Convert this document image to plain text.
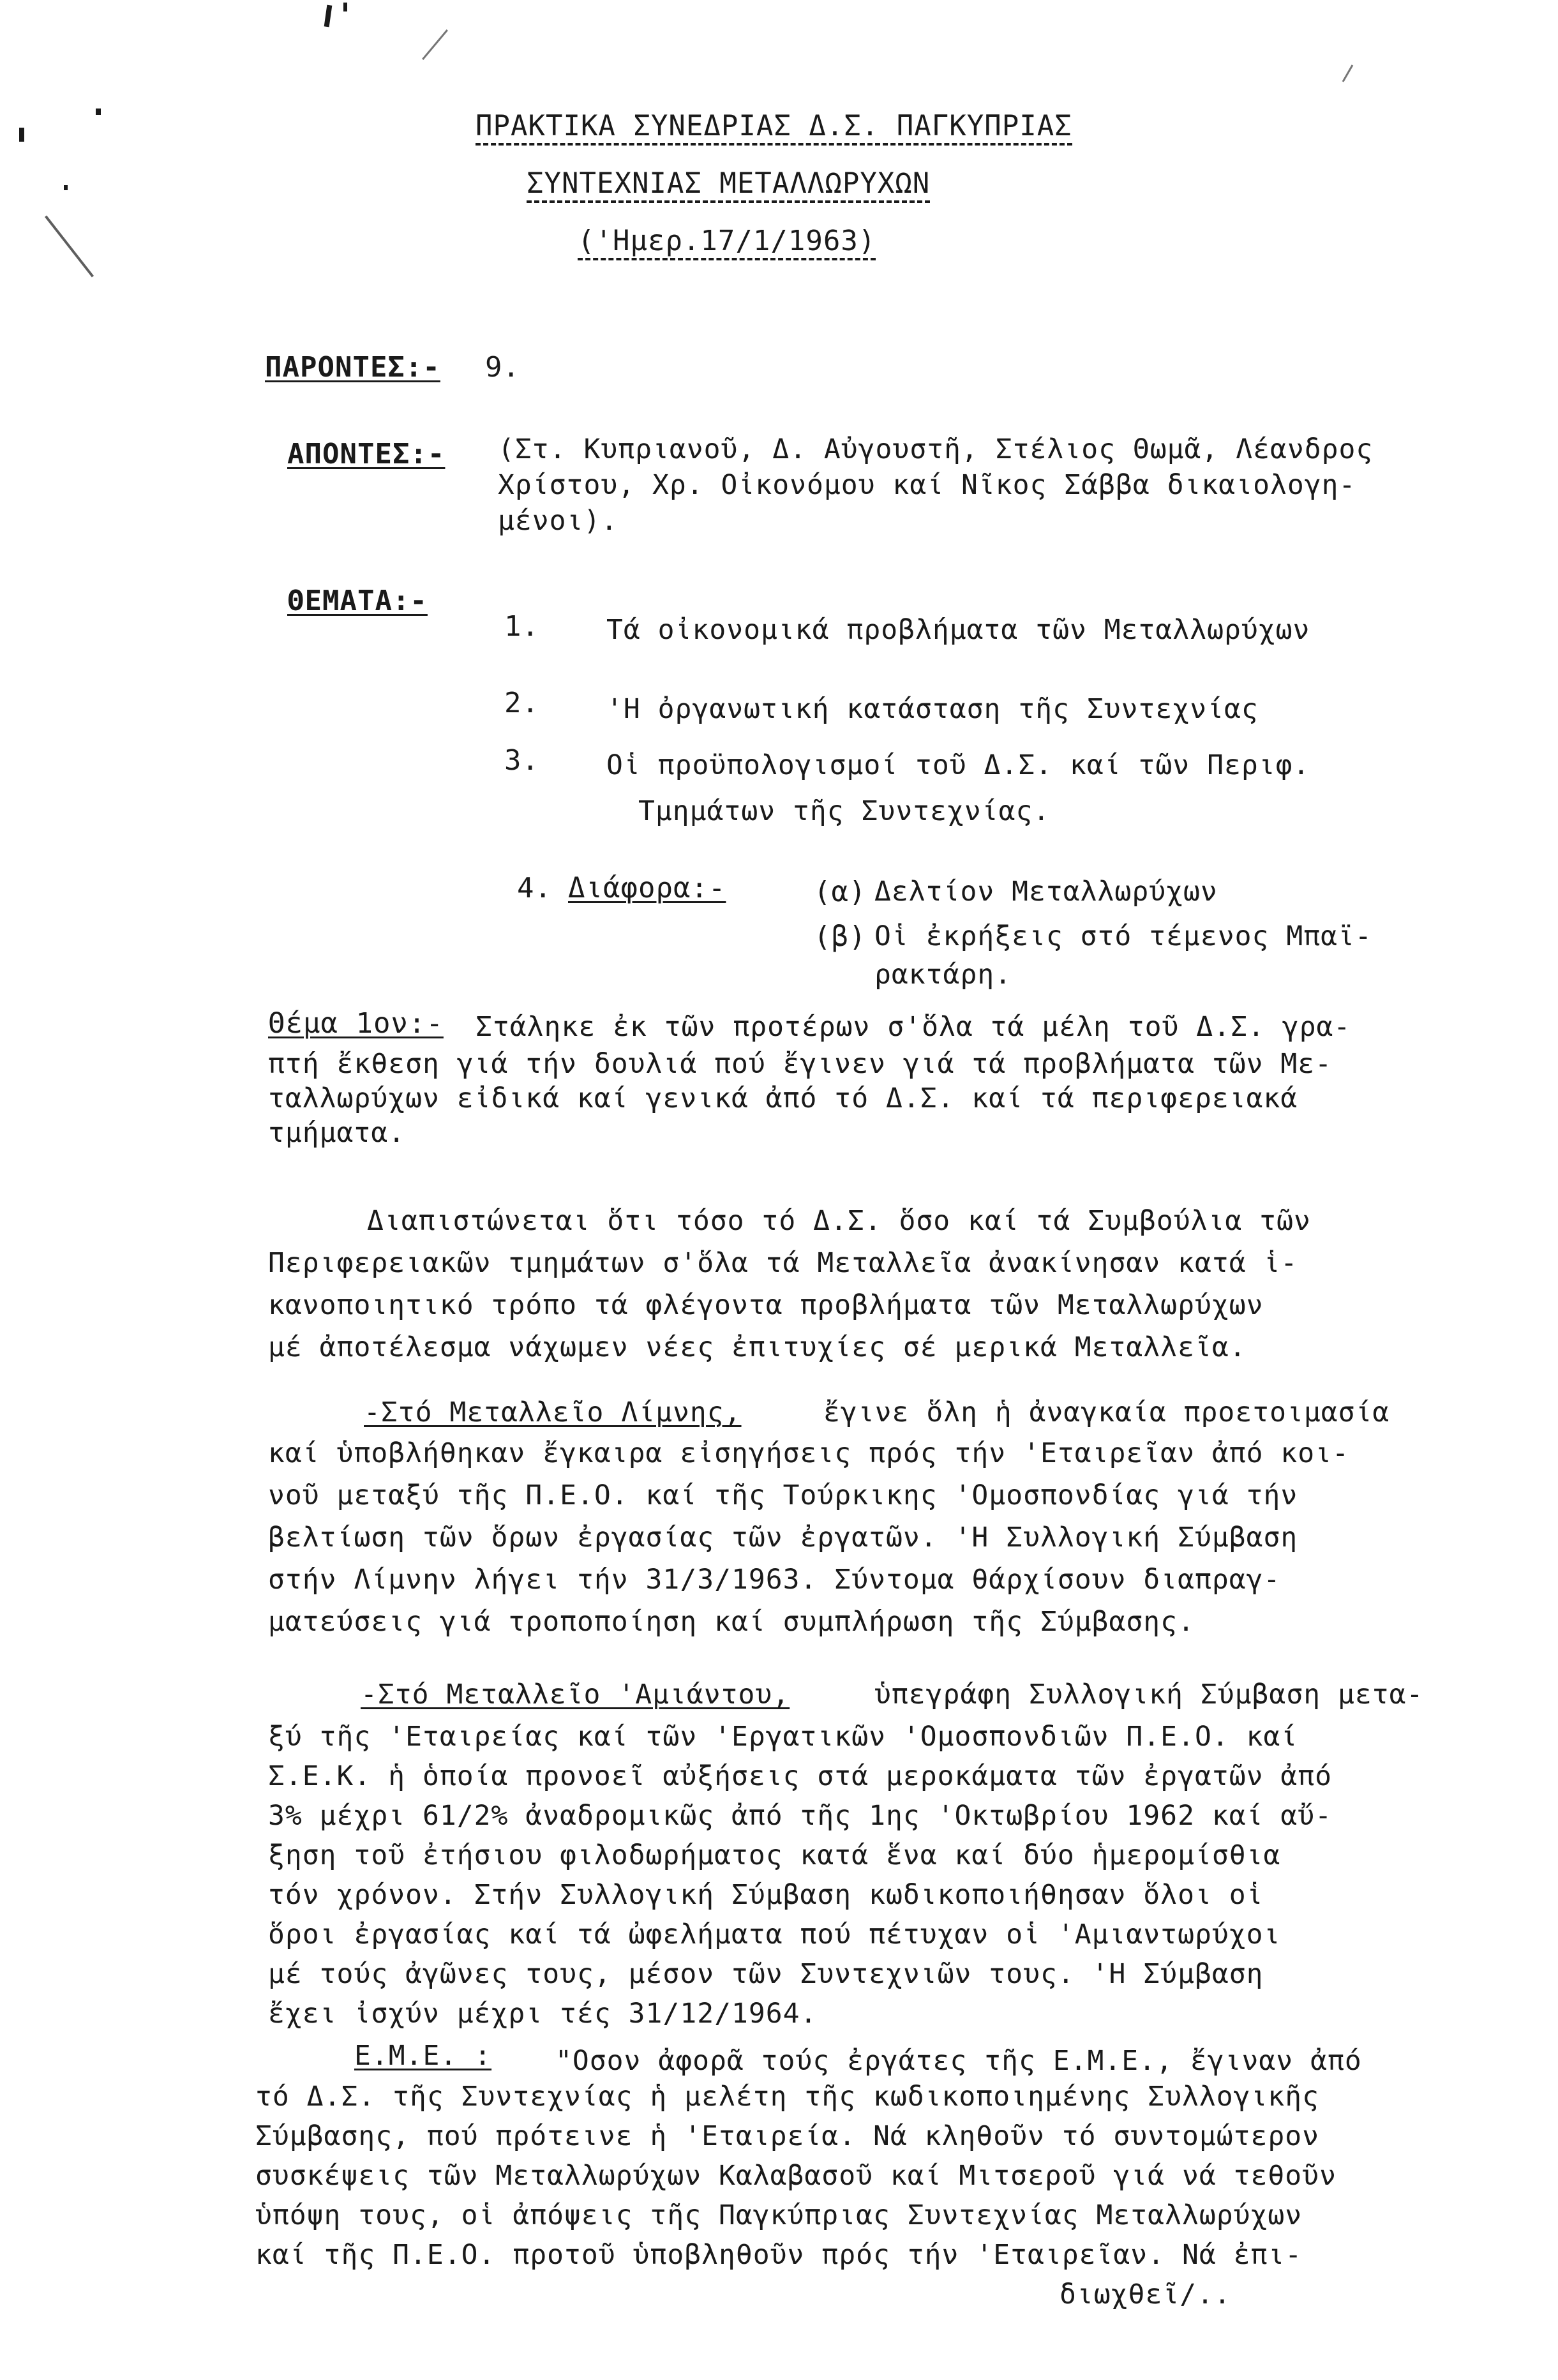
ΠΡΑΚΤΙΚΑ ΣΥΝΕΔΡΙΑΣ Δ.Σ. ΠΑΓΚΥΠΡΙΑΣ
ΣΥΝΤΕΧΝΙΑΣ ΜΕΤΑΛΛΩΡΥΧΩΝ
('Ημερ.17/1/1963)
ΠΑΡΟΝΤΕΣ:- 9.
ΑΠΟΝΤΕΣ:- (Στ. Κυπριανοῦ, Δ. Αὐγουστῆ, Στέλιος Θωμᾶ, Λέανδρος
Χρίστου, Χρ. Οἰκονόμου καί Νῖκος Σάββα δικαιολογη-
μένοι).
ΘΕΜΑΤΑ:-
1. Τά οἰκονομικά προβλήματα τῶν Μεταλλωρύχων
2. 'Η ὀργανωτική κατάσταση τῆς Συντεχνίας
3. Οἱ προϋπολογισμοί τοῦ Δ.Σ. καί τῶν Περιφ.
Τμημάτων τῆς Συντεχνίας.
4. Διάφορα:-	(α) Δελτίον Μεταλλωρύχων
(β) Οἱ ἐκρήξεις στό τέμενος Μπαϊ-
ρακτάρη.
Θέμα 1ον:- Στάληκε ἐκ τῶν προτέρων σ'ὅλα τά μέλη τοῦ Δ.Σ. γρα-
πτή ἔκθεση γιά τήν δουλιά πού ἔγινεν γιά τά προβλήματα τῶν Με-
ταλλωρύχων εἰδικά καί γενικά ἀπό τό Δ.Σ. καί τά περιφερειακά
τμήματα.
Διαπιστώνεται ὅτι τόσο τό Δ.Σ. ὅσο καί τά Συμβούλια τῶν
Περιφερειακῶν τμημάτων σ'ὅλα τά Μεταλλεῖα ἀνακίνησαν κατά ἱ-
κανοποιητικό τρόπο τά φλέγοντα προβλήματα τῶν Μεταλλωρύχων
μέ ἀποτέλεσμα νάχωμεν νέες ἐπιτυχίες σέ μερικά Μεταλλεῖα.
-Στό Μεταλλεῖο Λίμνης,	ἔγινε ὅλη ἡ ἀναγκαία προετοιμασία
καί ὑποβλήθηκαν ἔγκαιρα εἰσηγήσεις πρός τήν 'Εταιρεῖαν ἀπό κοι-
νοῦ μεταξύ τῆς Π.Ε.Ο. καί τῆς Τούρκικης 'Ομοσπονδίας γιά τήν
βελτίωση τῶν ὅρων ἐργασίας τῶν ἐργατῶν. 'Η Συλλογική Σύμβαση
στήν Λίμνην λήγει τήν 31/3/1963. Σύντομα θάρχίσουν διαπραγ-
ματεύσεις γιά τροποποίηση καί συμπλήρωση τῆς Σύμβασης.
-Στό Μεταλλεῖο 'Αμιάντου,	ὑπεγράφη Συλλογική Σύμβαση μετα-
ξύ τῆς 'Εταιρείας καί τῶν 'Εργατικῶν 'Ομοσπονδιῶν Π.Ε.Ο. καί
Σ.Ε.Κ. ἡ ὁποία προνοεῖ αὐξήσεις στά μεροκάματα τῶν ἐργατῶν ἀπό
3% μέχρι 61/2% ἀναδρομικῶς ἀπό τῆς 1ης 'Οκτωβρίου 1962 καί αὔ-
ξηση τοῦ ἐτήσιου φιλοδωρήματος κατά ἕνα καί δύο ἡμερομίσθια
τόν χρόνον. Στήν Συλλογική Σύμβαση κωδικοποιήθησαν ὅλοι οἱ
ὅροι ἐργασίας καί τά ὠφελήματα πού πέτυχαν οἱ 'Αμιαντωρύχοι
μέ τούς ἀγῶνες τους, μέσον τῶν Συντεχνιῶν τους. 'Η Σύμβαση
ἔχει ἰσχύν μέχρι τές 31/12/1964.
Ε.Μ.Ε. : "Οσον ἀφορᾶ τούς ἐργάτες τῆς Ε.Μ.Ε., ἔγιναν ἀπό
τό Δ.Σ. τῆς Συντεχνίας ἡ μελέτη τῆς κωδικοποιημένης Συλλογικῆς
Σύμβασης, πού πρότεινε ἡ 'Εταιρεία. Νά κληθοῦν τό συντομώτερον
συσκέψεις τῶν Μεταλλωρύχων Καλαβασοῦ καί Μιτσεροῦ γιά νά τεθοῦν
ὑπόψη τους, οἱ ἀπόψεις τῆς Παγκύπριας Συντεχνίας Μεταλλωρύχων
καί τῆς Π.Ε.Ο. προτοῦ ὑποβληθοῦν πρός τήν 'Εταιρεῖαν. Νά ἐπι-
διωχθεῖ/..
